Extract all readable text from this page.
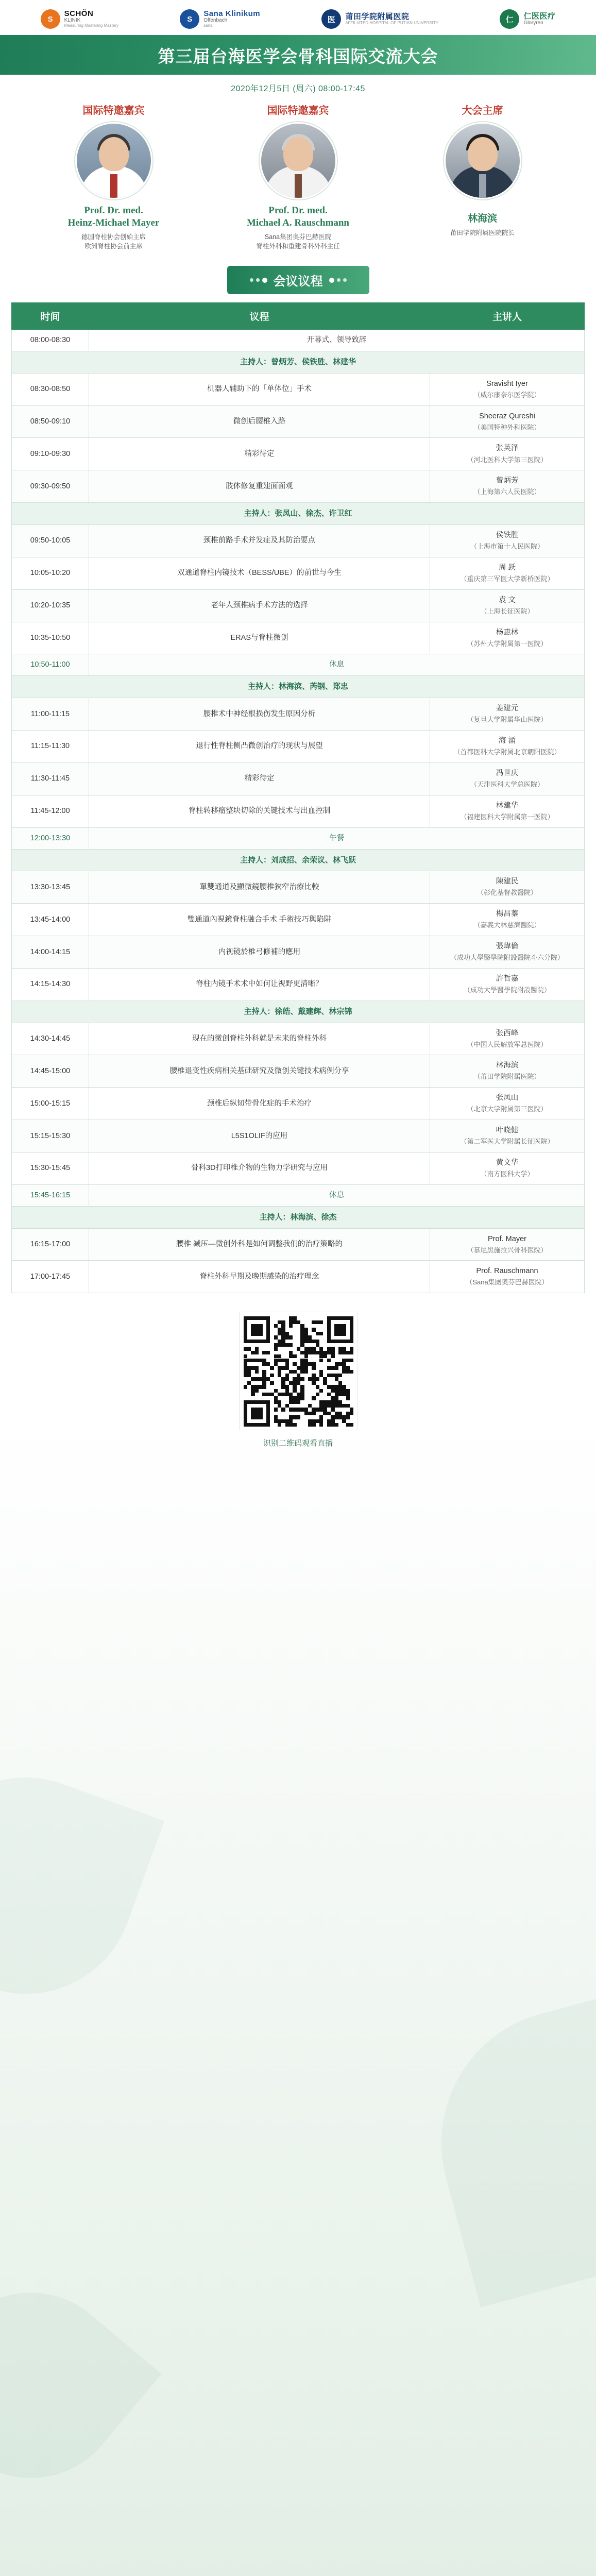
S
SCHÖN
KLINIK
Measuring Mastering Mastery
S
Sana Klinikum
Offenbach
sana
医	莆田学院附属医院
AFFILIATED HOSPITAL OF PUTIAN UNIVERSITY	仁	仁医医疗
Gloryren
第三届台海医学会骨科国际交流大会
2020年12月5日 (周六) 08:00-17:45
国际特邀嘉宾
Prof. Dr. med.
Heinz-Michael Mayer
德国脊柱协会创始主席
欧洲脊柱协会前主席
国际特邀嘉宾
Prof. Dr. med.
Michael A. Rauschmann
Sana集团奥芬巴赫医院
脊柱外科和重建骨科外科主任
大会主席
林海滨
莆田学院附属医院院长
会议议程
时间	议程	主讲人
08:00-08:30	开幕式、领导致辞	
主持人：曾炳芳、侯铁胜、林建华		
08:30-08:50	机器人辅助下的「单体位」手术	Sravisht Iyer
（威尔康奈尔医学院）

08:50-09:10	微创后腰椎入路	Sheeraz Qureshi
（美国特种外科医院）

09:10-09:30	精彩待定	张英泽
（河北医科大学第三医院）

09:30-09:50	肢体修复重建面面观	曾炳芳
（上海第六人民医院）

主持人：张凤山、徐杰、许卫红		
09:50-10:05	颈椎前路手术并发症及其防治要点	侯铁胜
（上海市第十人民医院）

10:05-10:20	双通道脊柱内镜技术（BESS/UBE）的前世与今生	周 跃
（重庆第三军医大学新桥医院）

10:20-10:35	老年人颈椎病手术方法的选择	袁 文
（上海长征医院）

10:35-10:50	ERAS与脊柱微创	杨惠林
（苏州大学附属第一医院）

10:50-11:00	休息	
主持人：林海滨、芮钢、郑忠		
11:00-11:15	腰椎术中神经根损伤发生原因分析	姜建元
（复旦大学附属华山医院）

11:15-11:30	退行性脊柱侧凸微创治疗的现状与展望	海 涌
（首都医科大学附属北京朝阳医院）

11:30-11:45	精彩待定	冯世庆
（天津医科大学总医院）

11:45-12:00	脊柱转移瘤整块切除的关键技术与出血控制	林建华
（福建医科大学附属第一医院）

12:00-13:30	午餐	
主持人：刘成招、余荣议、林飞跃		
13:30-13:45	單雙通道及顯微鏡腰椎狹窄治療比較	陳建民
（彰化基督教醫院）

13:45-14:00	雙通道內視鏡脊柱融合手术 手術技巧與陷阱	楊昌蓁
（嘉義大林慈濟醫院）

14:00-14:15	内视镜於椎弓修補的應用	張瑋倫
（成功大學醫學院附設醫院斗六分院）

14:15-14:30	脊柱内镜手术术中如何让视野更清晰？	許哲嘉
（成功大學醫學院附設醫院）

主持人：徐皓、戴建辉、林宗锦		
14:30-14:45	现在的微创脊柱外科就是未来的脊柱外科	张西峰
（中国人民解放军总医院）

14:45-15:00	腰椎退变性疾病相关基础研究及微创关键技术病例分享	林海滨
（莆田学院附属医院）

15:00-15:15	颈椎后纵韧带骨化症的手术治疗	张凤山
（北京大学附属第三医院）

15:15-15:30	L5S1OLIF的应用	叶晓健
（第二军医大学附属长征医院）

15:30-15:45	骨科3D打印椎介物的生物力学研究与应用	黄文华
（南方医科大学）

15:45-16:15	休息	
主持人：林海滨、徐杰		
16:15-17:00	腰椎 减压—微创外科是如何调整我们的治疗策略的	Prof. Mayer
（慕尼黑施拉兴骨科医院）

17:00-17:45	脊柱外科早期及晚期感染的治疗理念	Prof. Rauschmann
（Sana集團奧芬巴赫医院）
识别二维码观看直播
